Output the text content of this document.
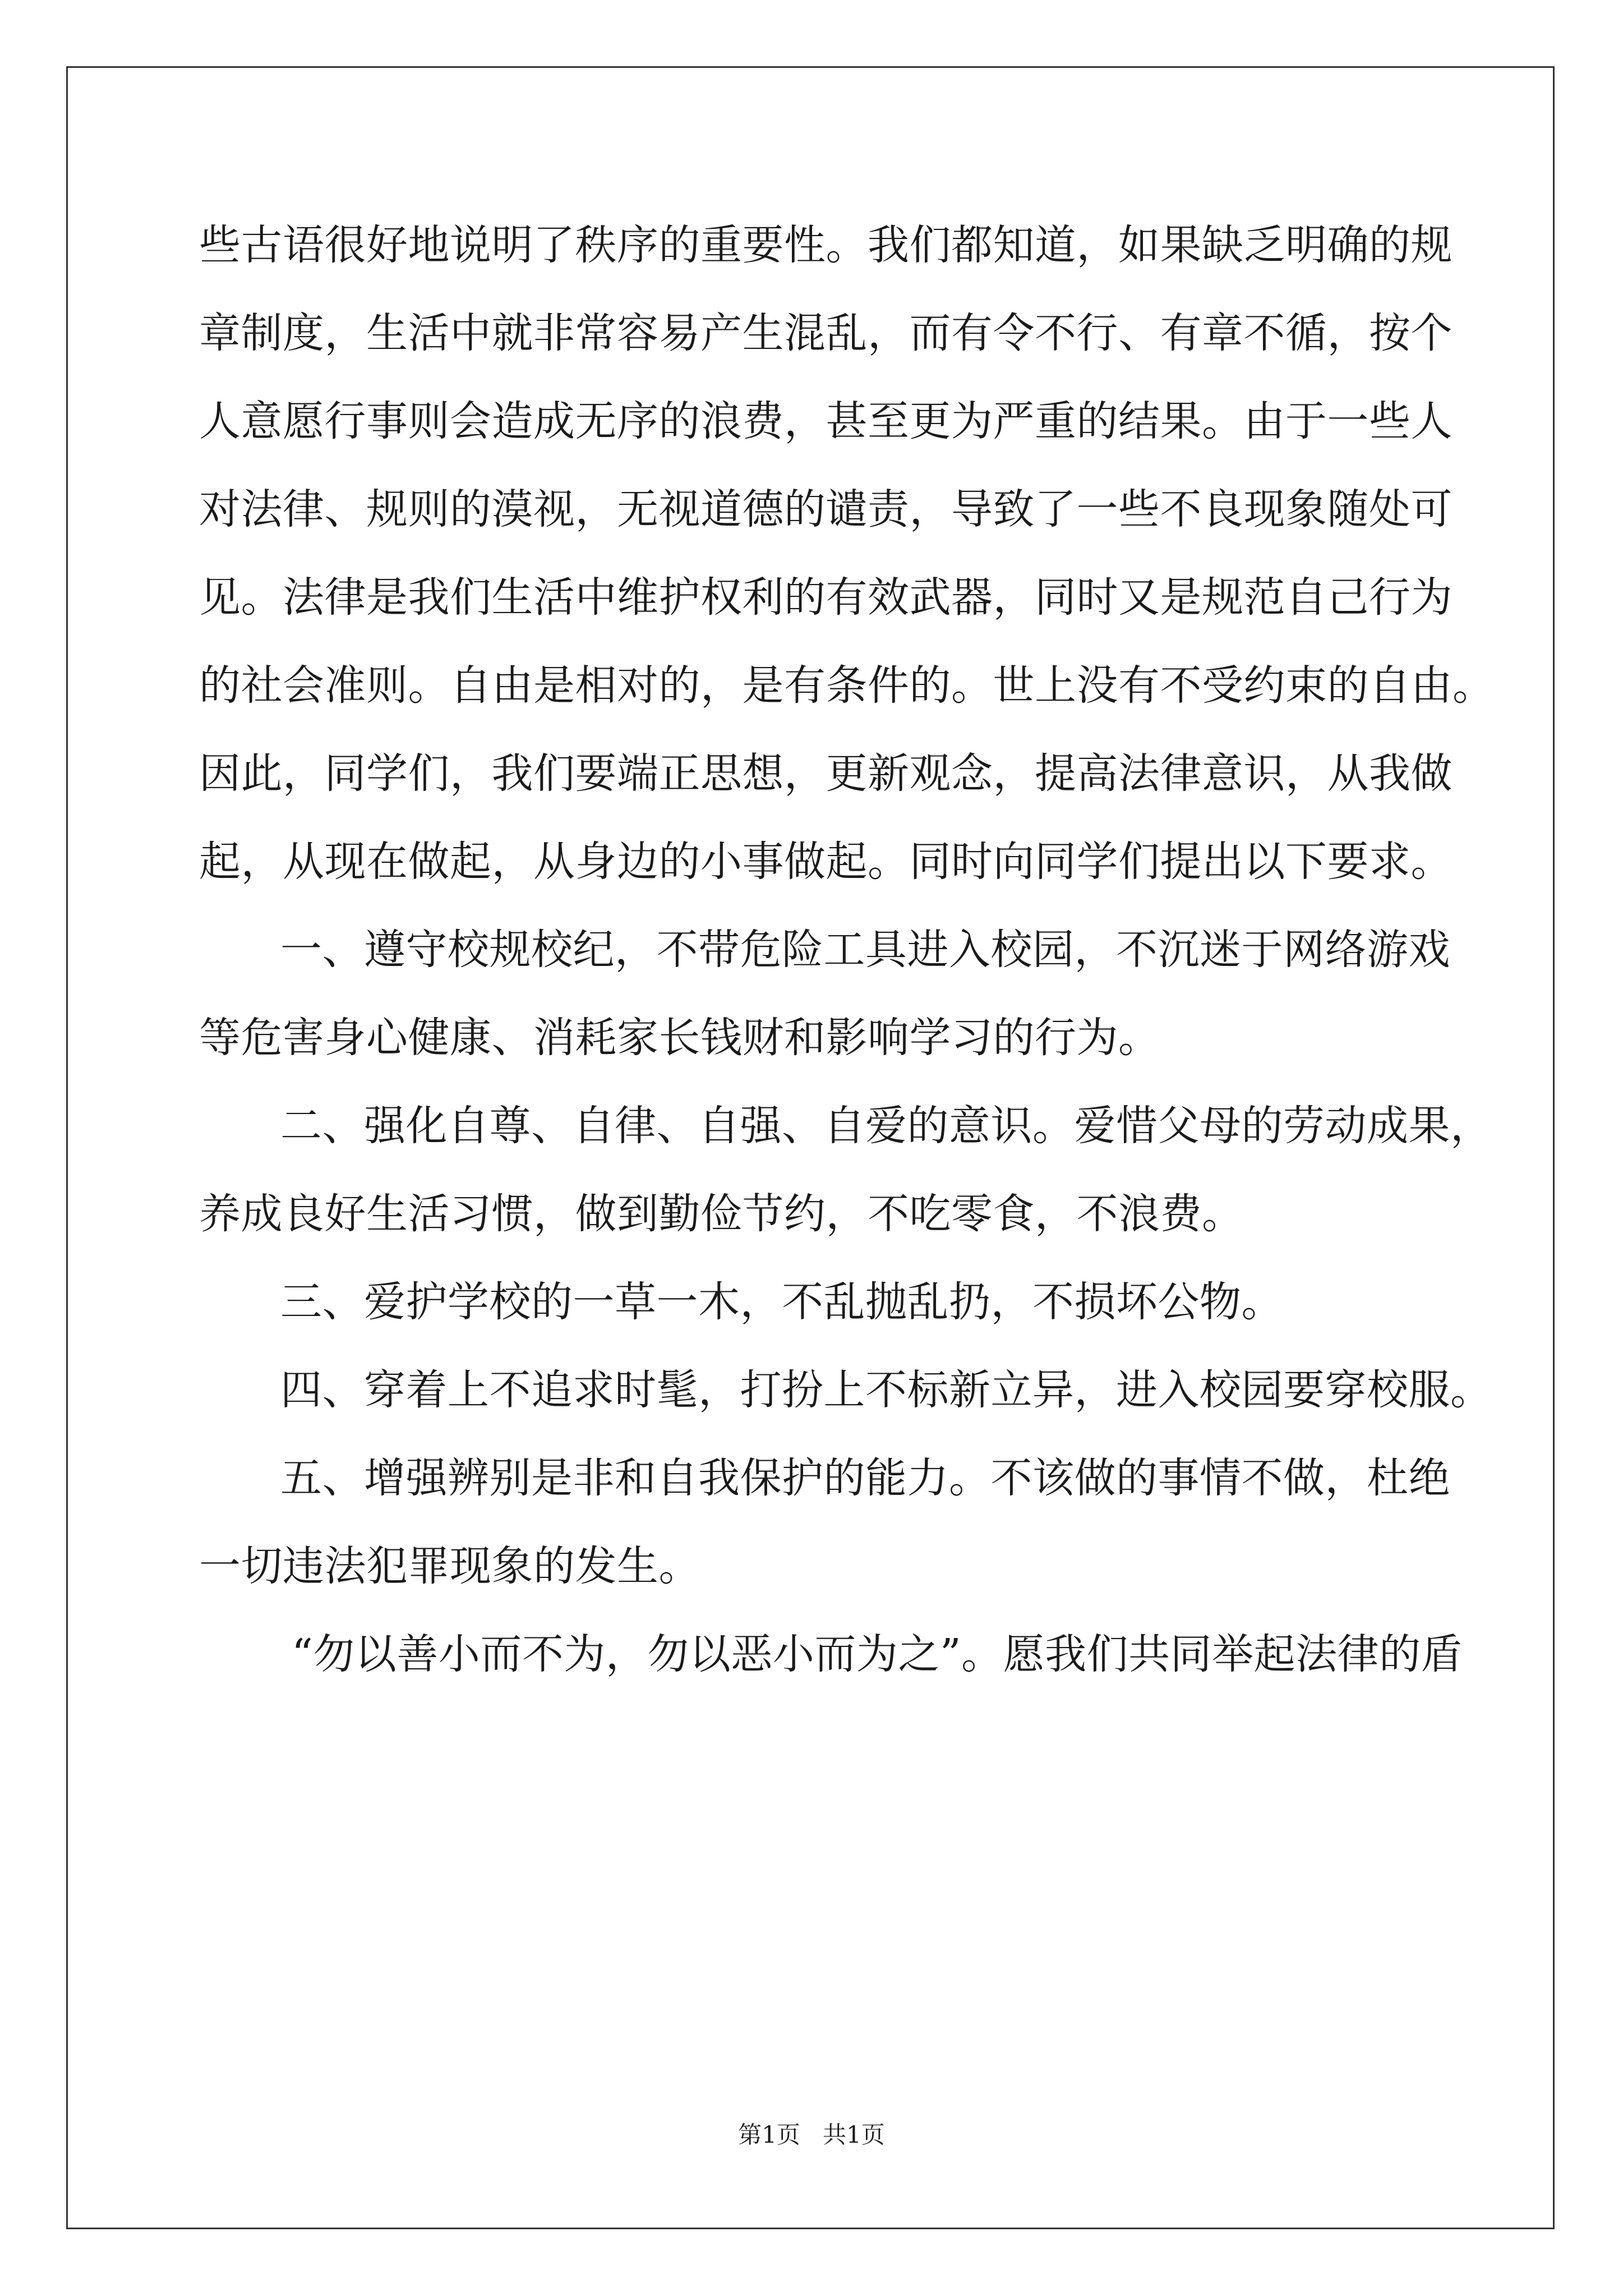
些古语很好地说明了秩序的重要性。我们都知道，如果缺乏明确的规
章制度，生活中就非常容易产生混乱，而有令不行、有章不循，按个
人意愿行事则会造成无序的浪费，甚至更为严重的结果。由于一些人
对法律、规则的漠视，无视道德的谴责，导致了一些不良现象随处可
见。法律是我们生活中维护权利的有效武器，同时又是规范自己行为
的社会准则。自由是相对的，是有条件的。世上没有不受约束的自由。
因此，同学们，我们要端正思想，更新观念，提高法律意识，从我做
起，从现在做起，从身边的小事做起。同时向同学们提出以下要求。
一、遵守校规校纪，不带危险工具进入校园，不沉迷于网络游戏
等危害身心健康、消耗家长钱财和影响学习的行为。
二、强化自尊、自律、自强、自爱的意识。爱惜父母的劳动成果，
养成良好生活习惯，做到勤俭节约，不吃零食，不浪费。
三、爱护学校的一草一木，不乱抛乱扔，不损坏公物。
四、穿着上不追求时髦，打扮上不标新立异，进入校园要穿校服。
五、增强辨别是非和自我保护的能力。不该做的事情不做，杜绝
一切违法犯罪现象的发生。
“勿以善小而不为，勿以恶小而为之”。愿我们共同举起法律的盾
第1页   共1页
